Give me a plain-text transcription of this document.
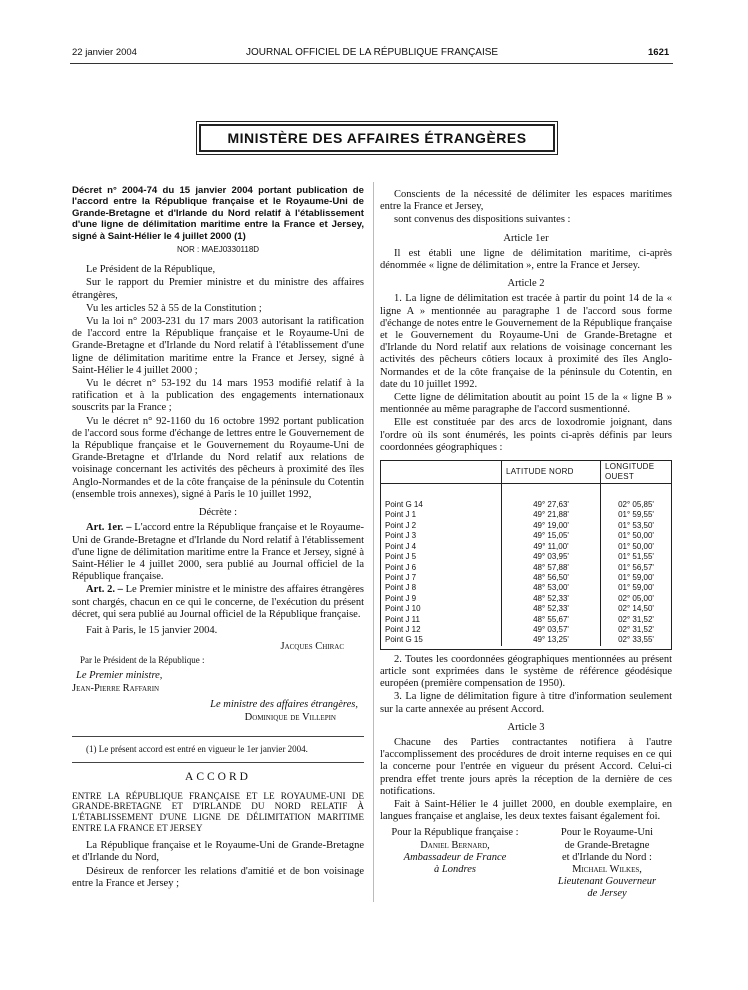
22 janvier 2004	JOURNAL OFFICIEL DE LA RÉPUBLIQUE FRANÇAISE	1621
MINISTÈRE DES AFFAIRES ÉTRANGÈRES
Décret n° 2004-74 du 15 janvier 2004 portant publication de l'accord entre la République française et le Royaume-Uni de Grande-Bretagne et d'Irlande du Nord relatif à l'établissement d'une ligne de délimitation maritime entre la France et Jersey, signé à Saint-Hélier le 4 juillet 2000 (1)
NOR : MAEJ0330118D

Le Président de la République,

Sur le rapport du Premier ministre et du ministre des affaires étrangères,

Vu les articles 52 à 55 de la Constitution ;

Vu la loi n° 2003-231 du 17 mars 2003 autorisant la ratification de l'accord entre la République française et le Royaume-Uni de Grande-Bretagne et d'Irlande du Nord relatif à l'établissement d'une ligne de délimitation maritime entre la France et Jersey, signé à Saint-Hélier le 4 juillet 2000 ;

Vu le décret n° 53-192 du 14 mars 1953 modifié relatif à la ratification et à la publication des engagements internationaux souscrits par la France ;

Vu le décret n° 92-1160 du 16 octobre 1992 portant publication de l'accord sous forme d'échange de lettres entre le Gouvernement de la République française et le Gouvernement du Royaume-Uni de Grande-Bretagne et d'Irlande du Nord relatif aux relations de voisinage concernant les activités des pêcheurs à proximité des îles Anglo-Normandes et de la côte française de la péninsule du Cotentin (ensemble trois annexes), signé à Paris le 10 juillet 1992,

Décrète :

Art. 1er. – L'accord entre la République française et le Royaume-Uni de Grande-Bretagne et d'Irlande du Nord relatif à l'établissement d'une ligne de délimitation maritime entre la France et Jersey, signé à Saint-Hélier le 4 juillet 2000, sera publié au Journal officiel de la République française.

Art. 2. – Le Premier ministre et le ministre des affaires étrangères sont chargés, chacun en ce qui le concerne, de l'exécution du présent décret, qui sera publié au Journal officiel de la République française.

Fait à Paris, le 15 janvier 2004.

Jacques Chirac

Par le Président de la République :

Le Premier ministre,

Jean-Pierre Raffarin

Le ministre des affaires étrangères,

Dominique de Villepin

(1) Le présent accord est entré en vigueur le 1er janvier 2004.

ACCORD

ENTRE LA RÉPUBLIQUE FRANÇAISE ET LE ROYAUME-UNI DE GRANDE-BRETAGNE ET D'IRLANDE DU NORD RELATIF À L'ÉTABLISSEMENT D'UNE LIGNE DE DÉLIMITATION MARITIME ENTRE LA FRANCE ET JERSEY

La République française et le Royaume-Uni de Grande-Bretagne et d'Irlande du Nord,

Désireux de renforcer les relations d'amitié et de bon voisinage entre la France et Jersey ;

Conscients de la nécessité de délimiter les espaces maritimes entre la France et Jersey,

sont convenus des dispositions suivantes :

Article 1er

Il est établi une ligne de délimitation maritime, ci-après dénommée « ligne de délimitation », entre la France et Jersey.

Article 2

1. La ligne de délimitation est tracée à partir du point 14 de la « ligne A » mentionnée au paragraphe 1 de l'accord sous forme d'échange de notes entre le Gouvernement de la République française et le Gouvernement du Royaume-Uni de Grande-Bretagne et d'Irlande du Nord relatif aux relations de voisinage concernant les activités des pêcheurs côtiers locaux à proximité des îles Anglo-Normandes et de la côte française de la péninsule du Cotentin, en date du 10 juillet 1992.

Cette ligne de délimitation aboutit au point 15 de la « ligne B » mentionnée au même paragraphe de l'accord susmentionné.

Elle est constituée par des arcs de loxodromie joignant, dans l'ordre où ils sont énumérés, les points ci-après définis par leurs coordonnées géographiques :

	LATITUDE NORD	LONGITUDE OUEST

Point G 14	49° 27,63'	02° 05,85'
Point J 1	49° 21,88'	01° 59,55'
Point J 2	49° 19,00'	01° 53,50'
Point J 3	49° 15,05'	01° 50,00'
Point J 4	49° 11,00'	01° 50,00'
Point J 5	49° 03,95'	01° 51,55'
Point J 6	48° 57,88'	01° 56,57'
Point J 7	48° 56,50'	01° 59,00'
Point J 8	48° 53,00'	01° 59,00'
Point J 9	48° 52,33'	02° 05,00'
Point J 10	48° 52,33'	02° 14,50'
Point J 11	48° 55,67'	02° 31,52'
Point J 12	49° 03,57'	02° 31,52'
Point G 15	49° 13,25'	02° 33,55'

2. Toutes les coordonnées géographiques mentionnées au présent article sont exprimées dans le système de référence géodésique européen (première compensation de 1950).

3. La ligne de délimitation figure à titre d'information seulement sur la carte annexée au présent Accord.

Article 3

Chacune des Parties contractantes notifiera à l'autre l'accomplissement des procédures de droit interne requises en ce qui la concerne pour l'entrée en vigueur du présent Accord. Celui-ci prendra effet trente jours après la réception de la dernière de ces notifications.

Fait à Saint-Hélier le 4 juillet 2000, en double exemplaire, en langues française et anglaise, les deux textes faisant également foi.

Pour la République française :
Daniel Bernard,
Ambassadeur de France
à Londres
Pour le Royaume-Uni
de Grande-Bretagne
et d'Irlande du Nord :
Michael Wilkes,
Lieutenant Gouverneur
de Jersey
